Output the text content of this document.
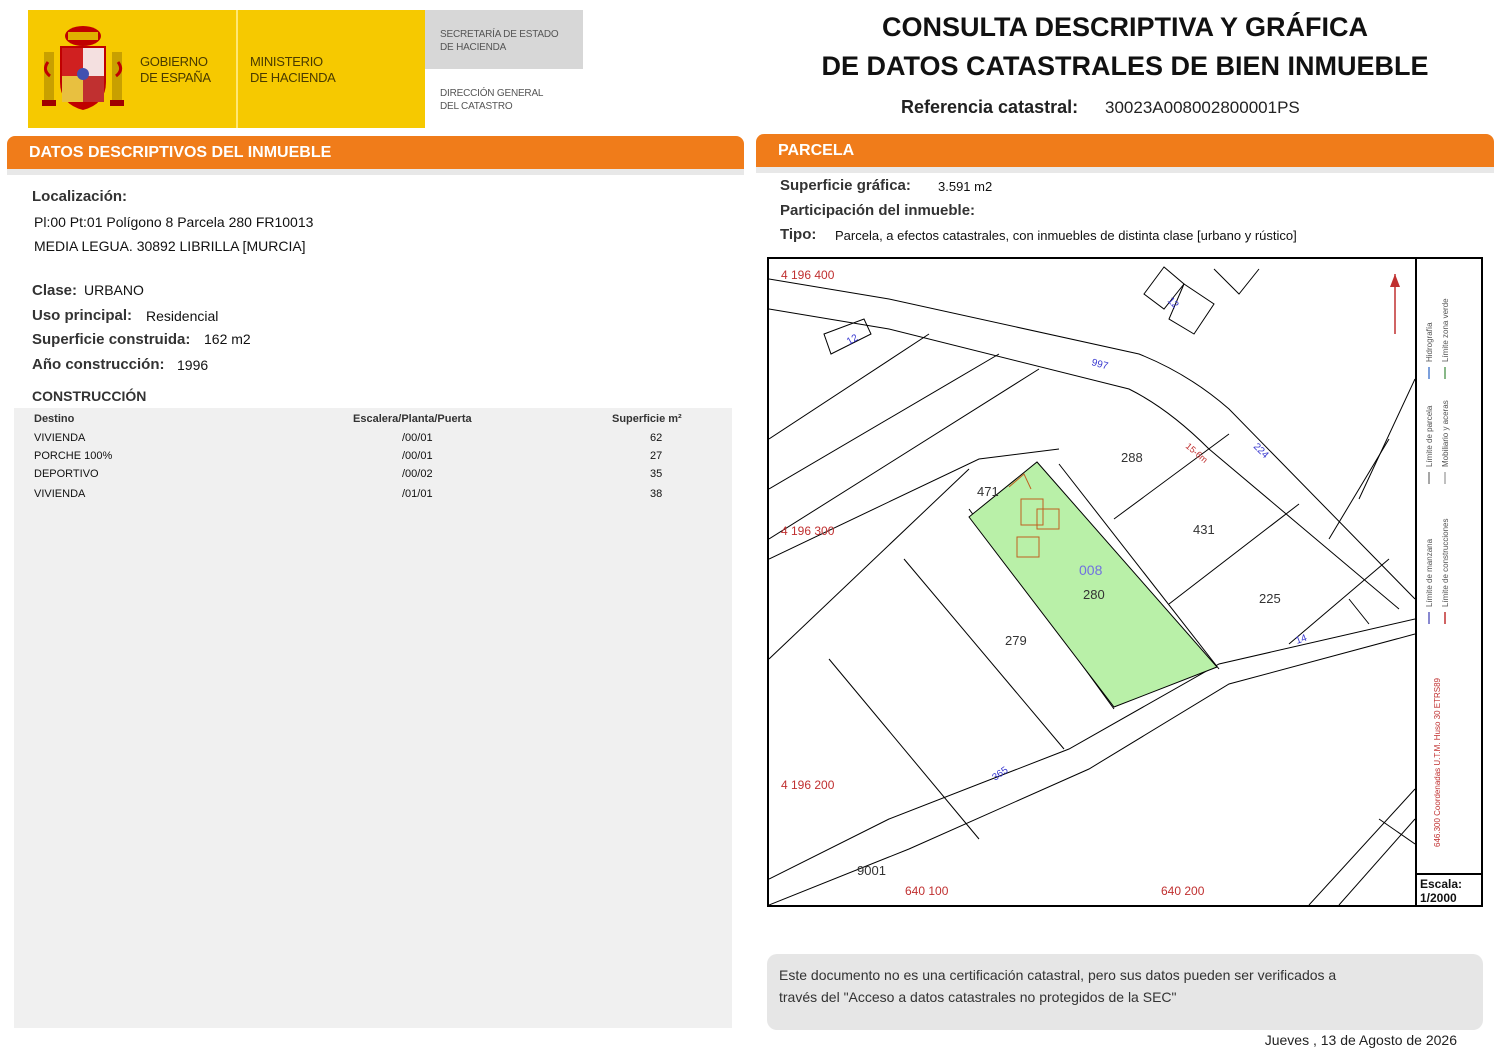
GOBIERNO
DE ESPAÑA
MINISTERIO
DE HACIENDA
SECRETARÍA DE ESTADO
DE HACIENDA
DIRECCIÓN GENERAL
DEL CATASTRO
CONSULTA DESCRIPTIVA Y GRÁFICA
DE DATOS CATASTRALES DE BIEN INMUEBLE
Referencia catastral: 30023A008002800001PS
DATOS DESCRIPTIVOS DEL INMUEBLE
Localización:
Pl:00 Pt:01 Polígono 8 Parcela 280 FR10013
MEDIA LEGUA. 30892 LIBRILLA [MURCIA]
Clase: URBANO
Uso principal: Residencial
Superficie construida: 162 m2
Año construcción: 1996
CONSTRUCCIÓN
Destino	Escalera/Planta/Puerta	Superficie m²
VIVIENDA	/00/01	62
PORCHE 100%	/00/01	27
DEPORTIVO	/00/02	35
VIVIENDA	/01/01	38
PARCELA
Superficie gráfica: 3.591 m2
Participación del inmueble:
Tipo: Parcela, a efectos catastrales, con inmuebles de distinta clase [urbano y rústico]
4 196 400
4 196 300
4 196 200
640 100	640 200
288
431
225
279
280
9001
008
471
997
224
14
365
12
12
15-6m
Límite de manzana
Límite de parcela
Hidrografía
Límite de construcciones
Mobiliario y aceras
Límite zona verde
646.300 Coordenadas U.T.M. Huso 30 ETRS89
Escala:
1/2000
Este documento no es una certificación catastral, pero sus datos pueden ser verificados a
través del "Acceso a datos catastrales no protegidos de la SEC"
Jueves , 13 de Agosto de 2026
